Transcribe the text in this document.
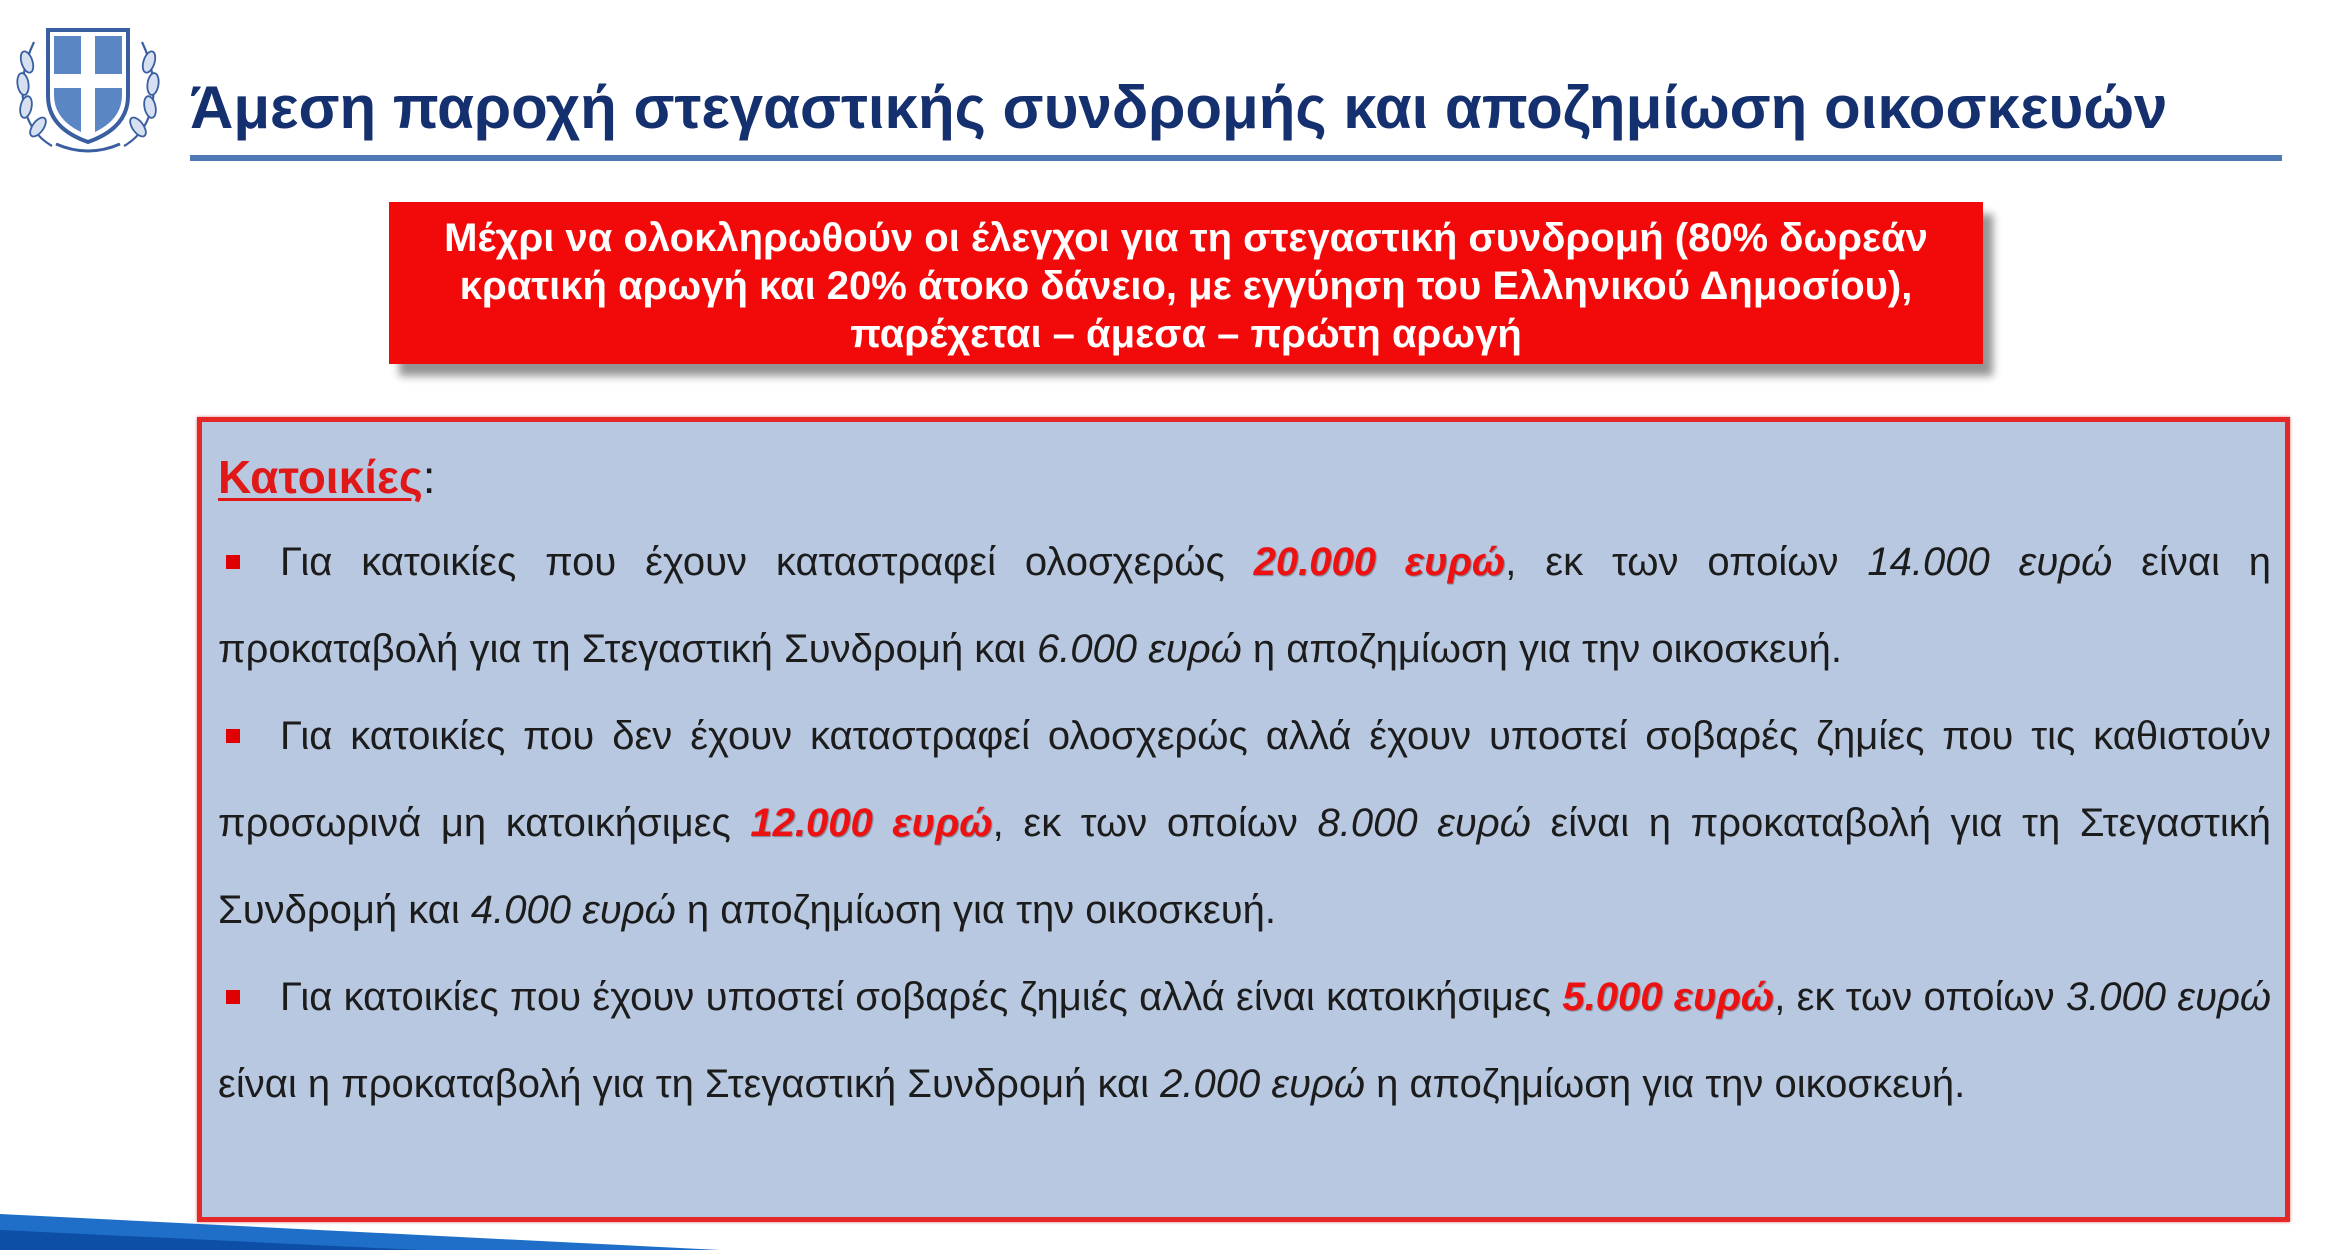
Άμεση παροχή στεγαστικής συνδρομής και αποζημίωση οικοσκευών
Μέχρι να ολοκληρωθούν οι έλεγχοι για τη στεγαστική συνδρομή (80% δωρεάν
κρατική αρωγή και 20% άτοκο δάνειο, με εγγύηση του Ελληνικού Δημοσίου),
παρέχεται – άμεσα – πρώτη αρωγή
Κατοικίες:

Για κατοικίες που έχουν καταστραφεί ολοσχερώς 20.000 ευρώ, εκ των οποίων 14.000 ευρώ είναι η προκαταβολή για τη Στεγαστική Συνδρομή και 6.000 ευρώ η αποζημίωση για την οικοσκευή.

Για κατοικίες που δεν έχουν καταστραφεί ολοσχερώς αλλά έχουν υποστεί σοβαρές ζημίες που τις καθιστούν προσωρινά μη κατοικήσιμες 12.000 ευρώ, εκ των οποίων 8.000 ευρώ είναι η προκαταβολή για τη Στεγαστική Συνδρομή και 4.000 ευρώ η αποζημίωση για την οικοσκευή.

Για κατοικίες που έχουν υποστεί σοβαρές ζημιές αλλά είναι κατοικήσιμες 5.000 ευρώ, εκ των οποίων 3.000 ευρώ είναι η προκαταβολή για τη Στεγαστική Συνδρομή και 2.000 ευρώ η αποζημίωση για την οικοσκευή.
